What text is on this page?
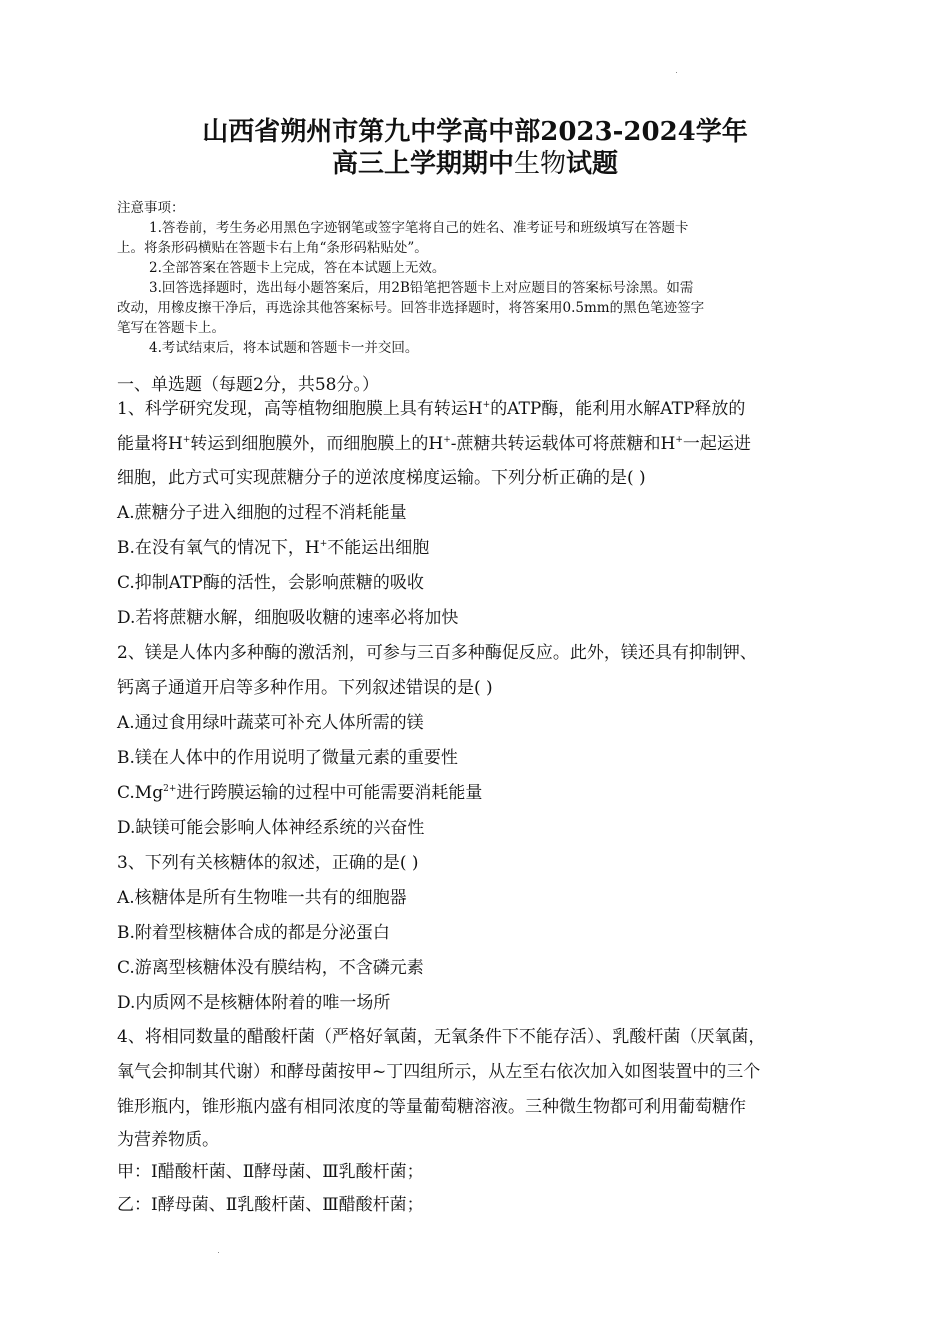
山西省朔州市第九中学高中部2023-2024学年
高三上学期期中生物试题
注意事项：
1.答卷前，考生务必用黑色字迹钢笔或签字笔将自己的姓名、准考证号和班级填写在答题卡
上。将条形码横贴在答题卡右上角“条形码粘贴处”。
2.全部答案在答题卡上完成，答在本试题上无效。
3.回答选择题时，选出每小题答案后，用2B铅笔把答题卡上对应题目的答案标号涂黑。如需
改动，用橡皮擦干净后，再选涂其他答案标号。回答非选择题时，将答案用0.5mm的黑色笔迹签字
笔写在答题卡上。
4.考试结束后，将本试题和答题卡一并交回。
一、单选题（每题2分，共58分。）
1、科学研究发现，高等植物细胞膜上具有转运H+的ATP酶，能利用水解ATP释放的
能量将H+转运到细胞膜外，而细胞膜上的H+-蔗糖共转运载体可将蔗糖和H+一起运进
细胞，此方式可实现蔗糖分子的逆浓度梯度运输。下列分析正确的是( )
A.蔗糖分子进入细胞的过程不消耗能量
B.在没有氧气的情况下，H+不能运出细胞
C.抑制ATP酶的活性，会影响蔗糖的吸收
D.若将蔗糖水解，细胞吸收糖的速率必将加快
2、镁是人体内多种酶的激活剂，可参与三百多种酶促反应。此外，镁还具有抑制钾、
钙离子通道开启等多种作用。下列叙述错误的是( )
A.通过食用绿叶蔬菜可补充人体所需的镁
B.镁在人体中的作用说明了微量元素的重要性
$C.Mg^{2+}$进行跨膜运输的过程中可能需要消耗能量
D.缺镁可能会影响人体神经系统的兴奋性
3、下列有关核糖体的叙述，正确的是( )
A.核糖体是所有生物唯一共有的细胞器
B.附着型核糖体合成的都是分泌蛋白
C.游离型核糖体没有膜结构，不含磷元素
D.内质网不是核糖体附着的唯一场所
4、将相同数量的醋酸杆菌（严格好氧菌，无氧条件下不能存活）、乳酸杆菌（厌氧菌，
氧气会抑制其代谢）和酵母菌按甲~丁四组所示，从左至右依次加入如图装置中的三个
锥形瓶内，锥形瓶内盛有相同浓度的等量葡萄糖溶液。三种微生物都可利用葡萄糖作
为营养物质。
甲：Ⅰ醋酸杆菌、Ⅱ酵母菌、Ⅲ乳酸杆菌；
乙：Ⅰ酵母菌、Ⅱ乳酸杆菌、Ⅲ醋酸杆菌；
